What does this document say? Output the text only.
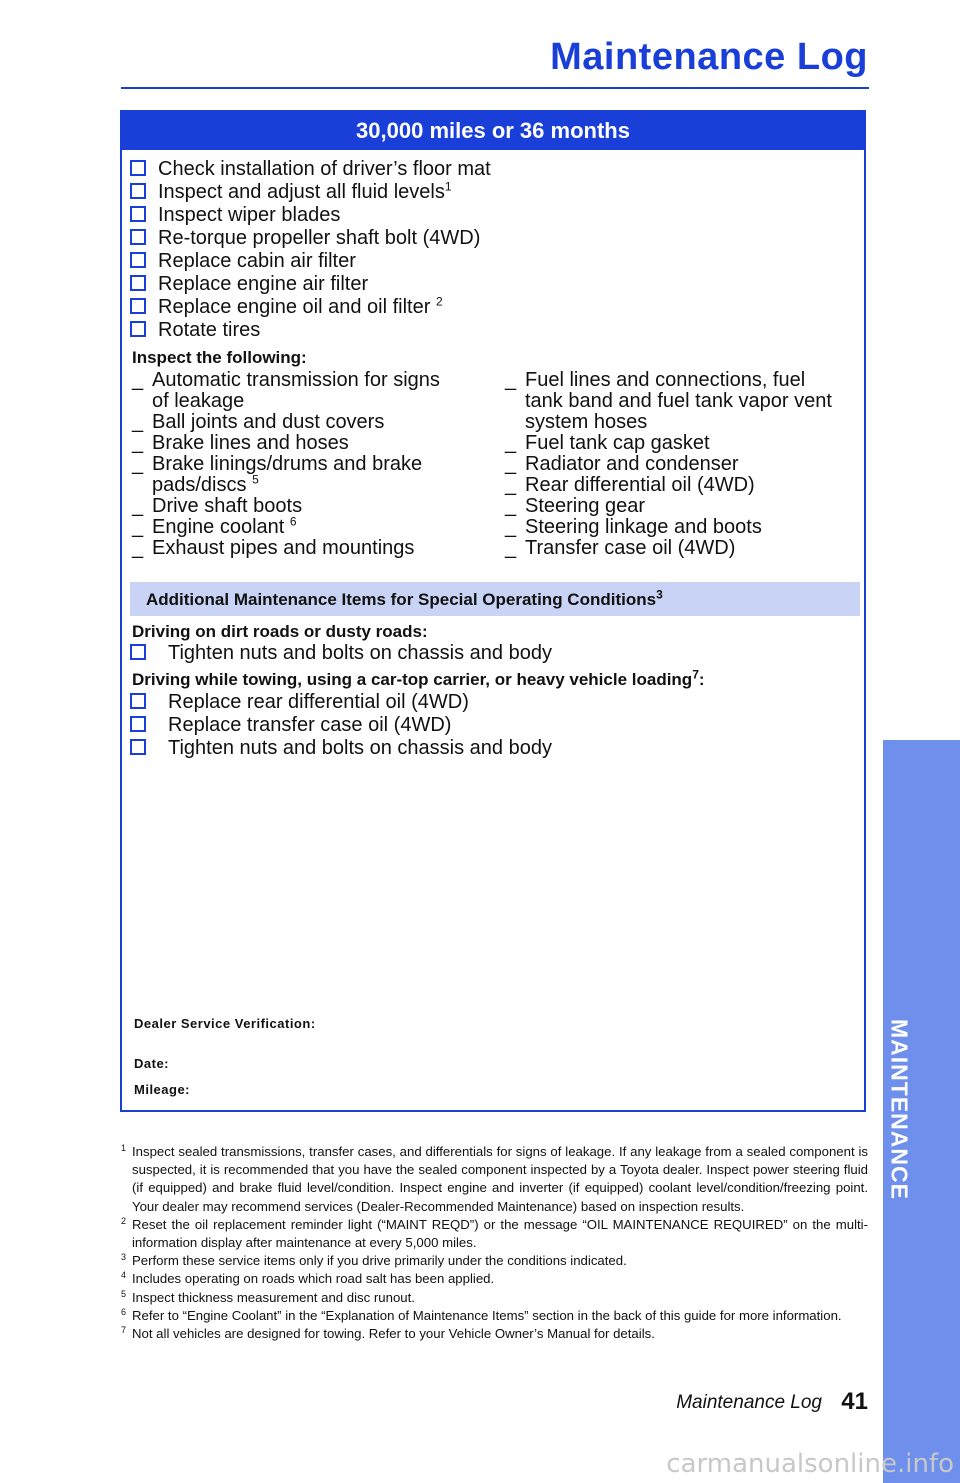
Maintenance Log
30,000 miles or 36 months
Check installation of driver’s floor mat
Inspect and adjust all fluid levels$^1$
Inspect wiper blades
Re-torque propeller shaft bolt (4WD)
Replace cabin air filter
Replace engine air filter
Replace engine oil and oil filter $^2$
Rotate tires
Inspect the following:
_ Automatic transmission for signs of leakage
_ Ball joints and dust covers
_ Brake lines and hoses
_ Brake linings/drums and brake pads/discs $^5$
_ Drive shaft boots
_ Engine coolant $^6$
_ Exhaust pipes and mountings
_ Fuel lines and connections, fuel tank band and fuel tank vapor vent system hoses
_ Fuel tank cap gasket
_ Radiator and condenser
_ Rear differential oil (4WD)
_ Steering gear
_ Steering linkage and boots
_ Transfer case oil (4WD)
Additional Maintenance Items for Special Operating Conditions$^3$
Driving on dirt roads or dusty roads:
Tighten nuts and bolts on chassis and body
Driving while towing, using a car-top carrier, or heavy vehicle loading$^7$:
Replace rear differential oil (4WD)
Replace transfer case oil (4WD)
Tighten nuts and bolts on chassis and body
Dealer Service Verification:
Date:
Mileage:
1 Inspect sealed transmissions, transfer cases, and differentials for signs of leakage. If any leakage from a sealed component is suspected, it is recommended that you have the sealed component inspected by a Toyota dealer. Inspect power steering fluid (if equipped) and brake fluid level/condition. Inspect engine and inverter (if equipped) coolant level/condition/freezing point. Your dealer may recommend services (Dealer-Recommended Maintenance) based on inspection results.
2 Reset the oil replacement reminder light (“MAINT REQD”) or the message “OIL MAINTENANCE REQUIRED” on the multi-information display after maintenance at every 5,000 miles.
3 Perform these service items only if you drive primarily under the conditions indicated.
4 Includes operating on roads which road salt has been applied.
5 Inspect thickness measurement and disc runout.
6 Refer to “Engine Coolant” in the “Explanation of Maintenance Items” section in the back of this guide for more information.
7 Not all vehicles are designed for towing. Refer to your Vehicle Owner’s Manual for details.
MAINTENANCE
Maintenance Log 41
carmanualsonline.info
